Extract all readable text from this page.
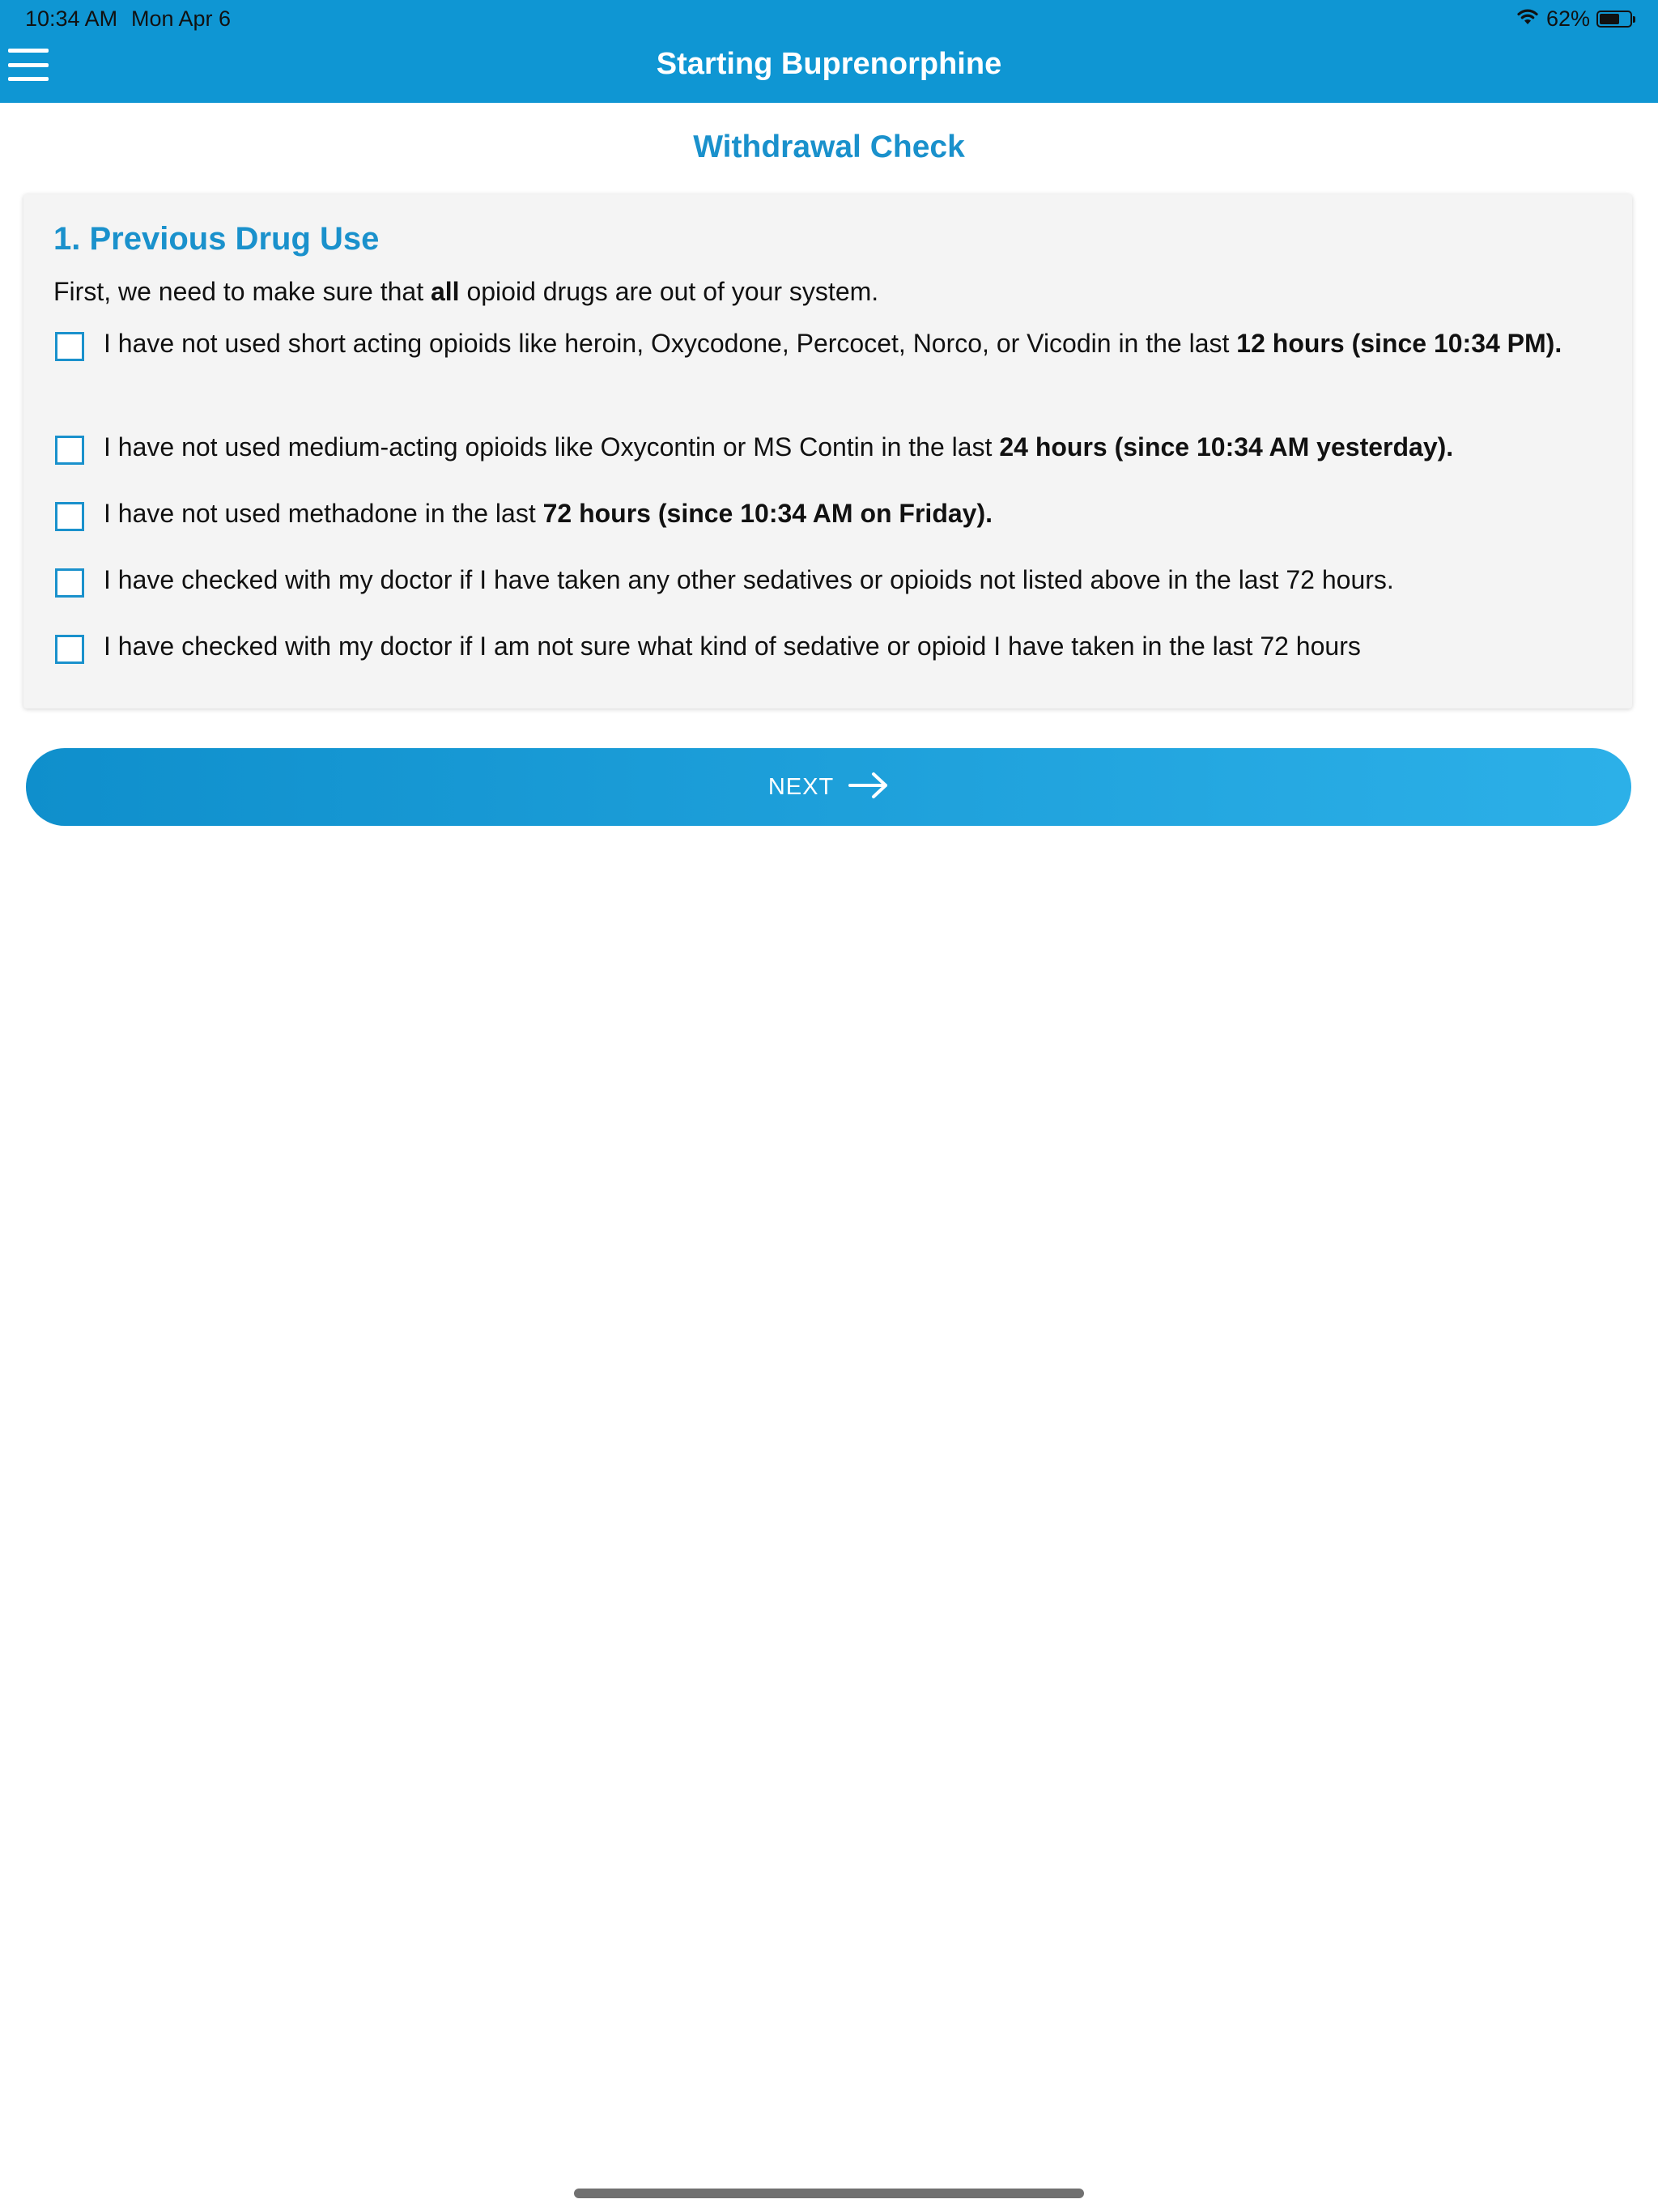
10:34 AM Mon Apr 6	62%
Starting Buprenorphine
Withdrawal Check
1. Previous Drug Use
First, we need to make sure that all opioid drugs are out of your system.
I have not used short acting opioids like heroin, Oxycodone, Percocet, Norco, or Vicodin in the last 12 hours (since 10:34 PM).
I have not used medium-acting opioids like Oxycontin or MS Contin in the last 24 hours (since 10:34 AM yesterday).
I have not used methadone in the last 72 hours (since 10:34 AM on Friday).
I have checked with my doctor if I have taken any other sedatives or opioids not listed above in the last 72 hours.
I have checked with my doctor if I am not sure what kind of sedative or opioid I have taken in the last 72 hours
NEXT
